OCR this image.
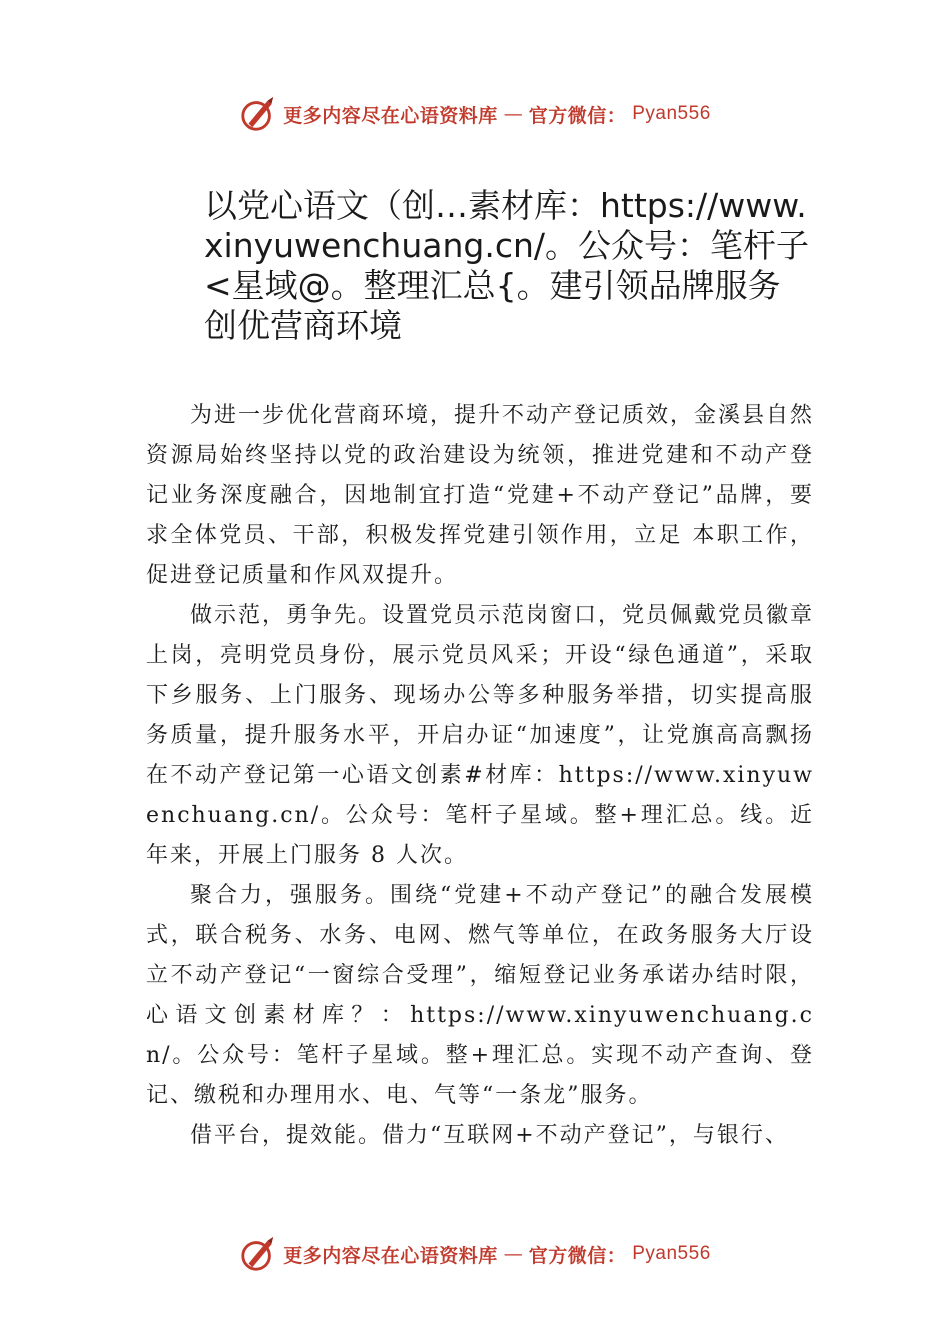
更多内容尽在心语资料库 — 官方微信： Pyan556
以党心语文（创…素材库：https://www.xinyuwenchuang.cn/。公众号：笔杆子<星域@。整理汇总{。建引领品牌服务 创优营商环境

为进一步优化营商环境，提升不动产登记质效，金溪县自然资源局始终坚持以党的政治建设为统领，推进党建和不动产登记业务深度融合，因地制宜打造“党建+不动产登记”品牌，要求全体党员、干部，积极发挥党建引领作用，立足 本职工作，促进登记质量和作风双提升。

做示范，勇争先。设置党员示范岗窗口，党员佩戴党员徽章上岗，亮明党员身份，展示党员风采；开设“绿色通道”，采取下乡服务、上门服务、现场办公等多种服务举措，切实提高服务质量，提升服务水平，开启办证“加速度”，让党旗高高飘扬在不动产登记第一心语文创素#材库：https://www.xinyuwenchuang.cn/。公众号：笔杆子星域。整+理汇总。线。近年来，开展上门服务 8 人次。

聚合力，强服务。围绕“党建+不动产登记”的融合发展模式，联合税务、水务、电网、燃气等单位，在政务服务大厅设立不动产登记“一窗综合受理”，缩短登记业务承诺办结时限，心语文创素材库？：https://www.xinyuwenchuang.cn/。公众号：笔杆子星域。整+理汇总。实现不动产查询、登记、缴税和办理用水、电、气等“一条龙”服务。

借平台，提效能。借力“互联网+不动产登记”，与银行、

更多内容尽在心语资料库 — 官方微信： Pyan556
